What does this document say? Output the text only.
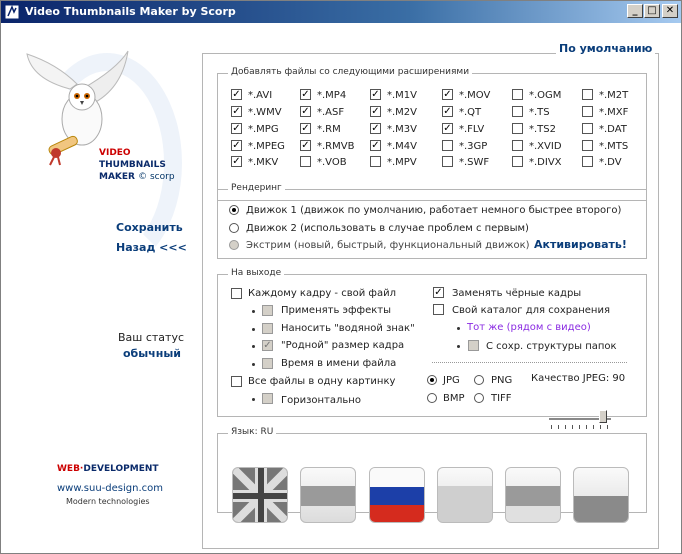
Video Thumbnails Maker by Scorp	_ □ ✕
VIDEO
THUMBNAILS
MAKER © scorp
Сохранить
Назад <<<
Ваш статус
обычный
WEB·DEVELOPMENT
www.suu-design.com
Modern technologies
По умолчанию
Добавлять файлы со следующими расширениями
✓ *.AVI	✓ *.MP4	✓ *.M1V	✓ *.MOV	*.OGM	*.M2T
✓ *.WMV ✓ *.ASF	✓ *.M2V	✓ *.QT	*.TS	*.MXF
✓ *.MPG ✓ *.RM	✓ *.M3V	✓ *.FLV	*.TS2	*.DAT
✓ *.MPEG ✓ *.RMVB ✓ *.M4V	*.3GP	*.XVID	*.MTS
✓ *.MKV	*.VOB	*.MPV	*.SWF	*.DIVX	*.DV
Рендеринг
Движок 1 (движок по умолчанию, работает немного быстрее второго)
Движок 2 (использовать в случае проблем с первым)
Экстрим (новый, быстрый, функциональный движок) Активировать!
На выходе
Каждому кадру - свой файл
Применять эффекты
Наносить "водяной знак"
✓ "Родной" размер кадра
Время в имени файла
Все файлы в одну картинку
Горизонтально
✓ Заменять чёрные кадры
Свой каталог для сохранения
Тот же (рядом с видео)
С сохр. структуры папок
JPG	PNG
BMP	TIFF
Качество JPEG: 90
Язык: RU
